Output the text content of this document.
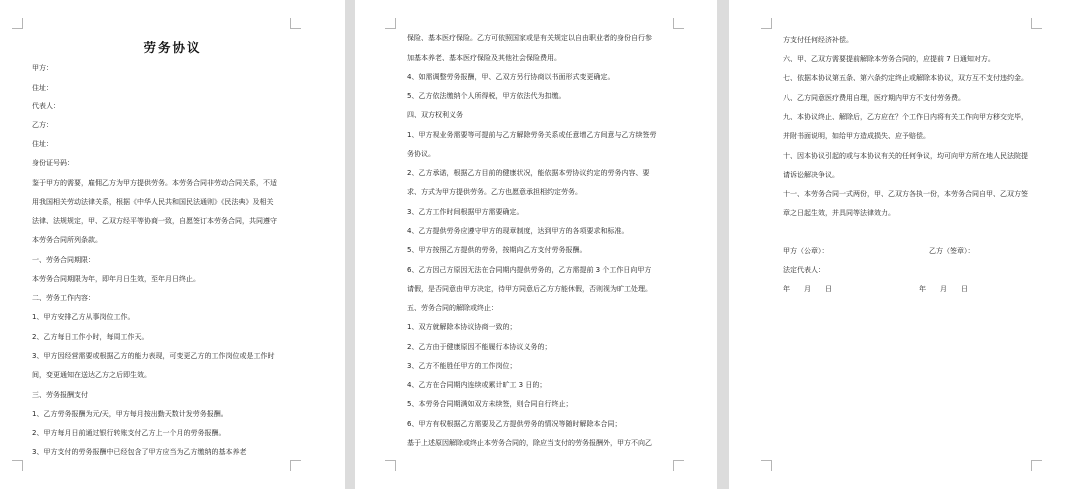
劳务协议
甲方：
住址：
代表人：
乙方：
住址：
身份证号码：
鉴于甲方的需要，雇佣乙方为甲方提供劳务。本劳务合同非劳动合同关系，不适
用我国相关劳动法律关系，根据《中华人民共和国民法通则》《民法典》及相关
法律、法规规定，甲、乙双方经平等协商一致，自愿签订本劳务合同，共同遵守
本劳务合同所列条款。
一、劳务合同期限：
本劳务合同期限为年，即年月日生效，至年月日终止。
二、劳务工作内容：
1、甲方安排乙方从事岗位工作。
2、乙方每日工作小时，每周工作天。
3、甲方因经营需要或根据乙方的能力表现，可变更乙方的工作岗位或是工作时
间，变更通知在送达乙方之后即生效。
三、劳务报酬支付
1、乙方劳务报酬为元/天，甲方每月按出勤天数计发劳务报酬。
2、甲方每月日前通过银行转账支付乙方上一个月的劳务报酬。
3、甲方支付的劳务报酬中已经包含了甲方应当为乙方缴纳的基本养老
保险、基本医疗保险。乙方可依照国家或是有关规定以自由职业者的身份自行参
加基本养老、基本医疗保险及其他社会保险费用。
4、如需调整劳务报酬，甲、乙双方另行协商以书面形式变更确定。
5、乙方依法缴纳个人所得税，甲方依法代为扣缴。
四、双方权利义务
1、甲方视业务需要等可提前与乙方解除劳务关系或任意增乙方间意与乙方续签劳
务协议。
2、乙方承诺，根据乙方目前的健康状况，能依据本劳协议约定的劳务内容、要
求、方式为甲方提供劳务。乙方也愿意承担相约定劳务。
3、乙方工作时间根据甲方需要确定。
4、乙方提供劳务应遵守甲方的现章制度，达到甲方的各项要求和标准。
5、甲方按照乙方提供的劳务，按期向乙方支付劳务报酬。
6、乙方因己方原因无法在合同期内提供劳务的，乙方需提前 3 个工作日向甲方
请假，是否同意由甲方决定，待甲方同意后乙方方能休假，否则视为旷工处理。
五、劳务合同的解除或终止：
1、双方就解除本协议协商一致的；
2、乙方由于健康原因不能履行本协议义务的；
3、乙方不能胜任甲方的工作岗位；
4、乙方在合同期内连续或累计旷工 3 日的；
5、本劳务合同期满如双方未续签，则合同自行终止；
6、甲方有权根据乙方需要及乙方提供劳务的情况等随时解除本合同；
基于上述原因解除或终止本劳务合同的，除应当支付的劳务报酬外，甲方不向乙
方支付任何经济补偿。
六、甲、乙双方需要提前解除本劳务合同的，应提前 7 日通知对方。
七、依据本协议第五条、第六条约定终止或解除本协议，双方互不支付违约金。
八、乙方同意医疗费用自理，医疗期内甲方不支付劳务费。
九、本协议终止、解除后，乙方应在？个工作日内将有关工作向甲方移交完毕，
并附书面说明，如给甲方造成损失、应予赔偿。
十、因本协议引起的或与本协议有关的任何争议，均可向甲方所在地人民法院提
请诉讼解决争议。
十一、本劳务合同一式两份，甲、乙双方各执一份，本劳务合同自甲、乙双方签
章之日起生效，并具同等法律效力。
甲方（公章）：	乙方（签章）：
法定代表人：
年　　月　　日	年　　月　　日
